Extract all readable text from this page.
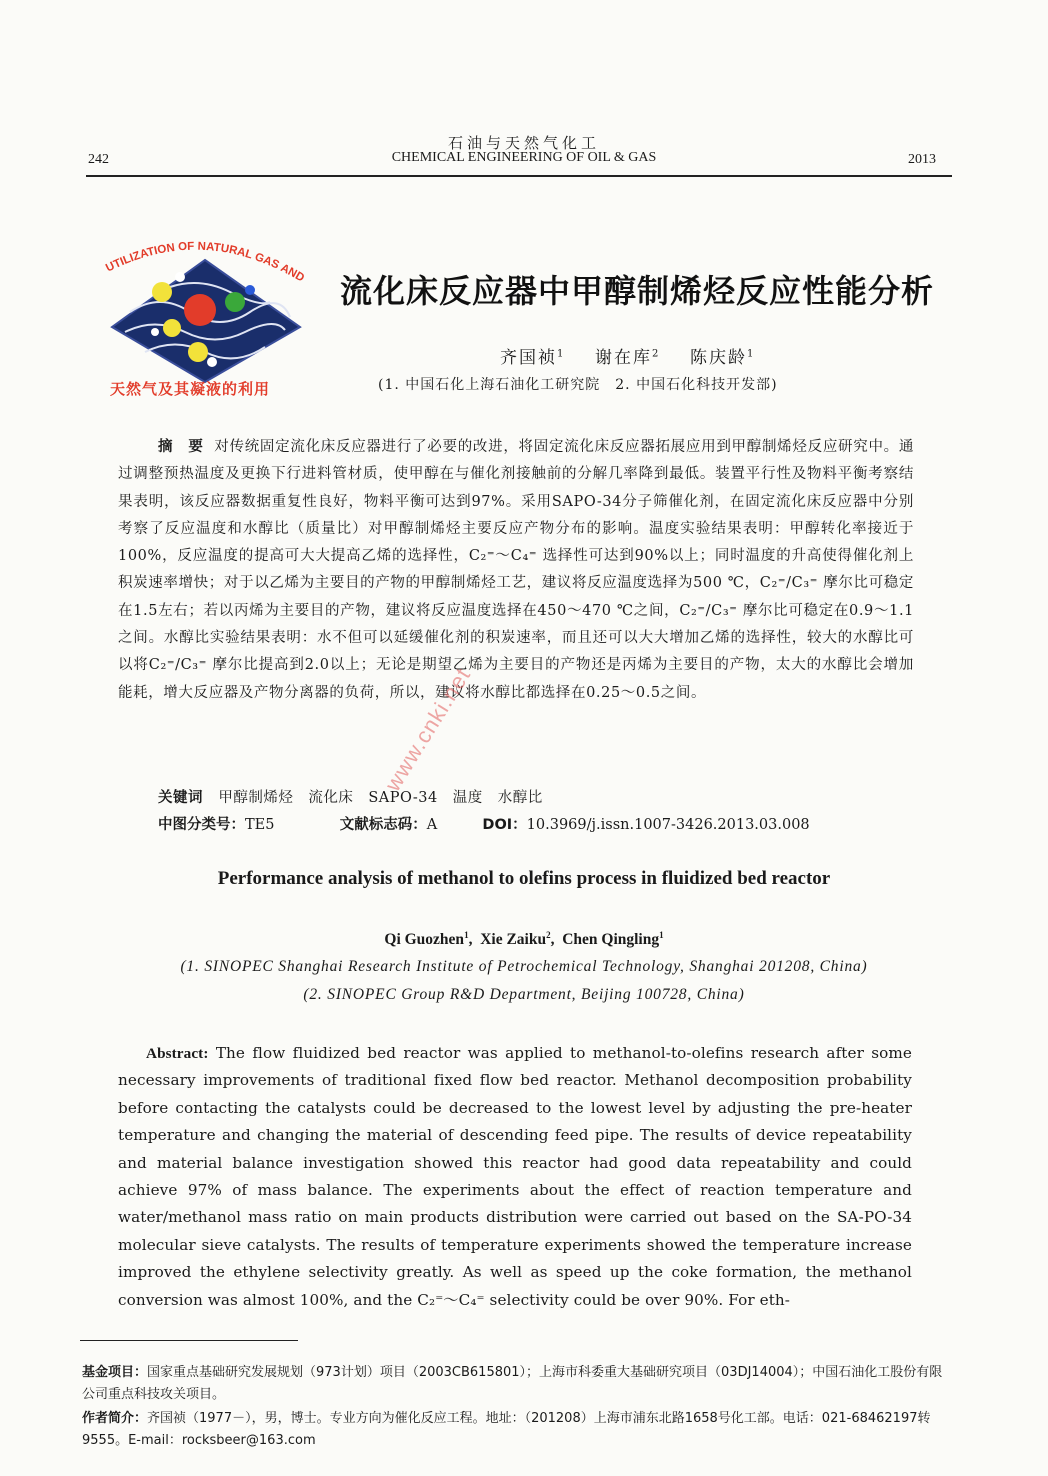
石油与天然气化工
242	CHEMICAL ENGINEERING OF OIL & GAS	2013
UTILIZATION OF NATURAL GAS AND
天然气及其凝液的利用
流化床反应器中甲醇制烯烃反应性能分析
齐国祯$^1$ 谢在库$^2$ 陈庆龄$^1$
(1. 中国石化上海石油化工研究院　2. 中国石化科技开发部)
摘　要 对传统固定流化床反应器进行了必要的改进，将固定流化床反应器拓展应用到甲醇制烯烃反应研究中。通过调整预热温度及更换下行进料管材质，使甲醇在与催化剂接触前的分解几率降到最低。装置平行性及物料平衡考察结果表明，该反应器数据重复性良好，物料平衡可达到97%。采用SAPO-34分子筛催化剂，在固定流化床反应器中分别考察了反应温度和水醇比（质量比）对甲醇制烯烃主要反应产物分布的影响。温度实验结果表明：甲醇转化率接近于100%，反应温度的提高可大大提高乙烯的选择性，C₂⁼～C₄⁼ 选择性可达到90%以上；同时温度的升高使得催化剂上积炭速率增快；对于以乙烯为主要目的产物的甲醇制烯烃工艺，建议将反应温度选择为500 ℃，C₂⁼/C₃⁼ 摩尔比可稳定在1.5左右；若以丙烯为主要目的产物，建议将反应温度选择在450～470 ℃之间，C₂⁼/C₃⁼ 摩尔比可稳定在0.9～1.1之间。水醇比实验结果表明：水不但可以延缓催化剂的积炭速率，而且还可以大大增加乙烯的选择性，较大的水醇比可以将C₂⁼/C₃⁼ 摩尔比提高到2.0以上；无论是期望乙烯为主要目的产物还是丙烯为主要目的产物，太大的水醇比会增加能耗，增大反应器及产物分离器的负荷，所以，建议将水醇比都选择在0.25～0.5之间。
关键词 甲醇制烯烃　流化床　SAPO-34　温度　水醇比
中图分类号：TE5	文献标志码：A	DOI：10.3969/j.issn.1007-3426.2013.03.008
Performance analysis of methanol to olefins process in fluidized bed reactor
Qi Guozhen$^1$,  Xie Zaiku$^2$,  Chen Qingling$^1$
(1. SINOPEC Shanghai Research Institute of Petrochemical Technology, Shanghai 201208, China)
(2. SINOPEC Group R&D Department, Beijing 100728, China)
Abstract: The flow fluidized bed reactor was applied to methanol-to-olefins research after some necessary improvements of traditional fixed flow bed reactor. Methanol decomposition probability before contacting the catalysts could be decreased to the lowest level by adjusting the pre-heater temperature and changing the material of descending feed pipe. The results of device repeatability and material balance investigation showed this reactor had good data repeatability and could achieve 97% of mass balance. The experiments about the effect of reaction temperature and water/methanol mass ratio on main products distribution were carried out based on the SA-PO-34 molecular sieve catalysts. The results of temperature experiments showed the temperature increase improved the ethylene selectivity greatly. As well as speed up the coke formation, the methanol conversion was almost 100%, and the C₂⁼～C₄⁼ selectivity could be over 90%. For eth-
基金项目：国家重点基础研究发展规划（973计划）项目（2003CB615801）；上海市科委重大基础研究项目（03DJ14004）；中国石油化工股份有限公司重点科技攻关项目。
作者简介：齐国祯（1977－），男，博士。专业方向为催化反应工程。地址：（201208）上海市浦东北路1658号化工部。电话：021-68462197转9555。E-mail：rocksbeer@163.com
www.cnki.net
